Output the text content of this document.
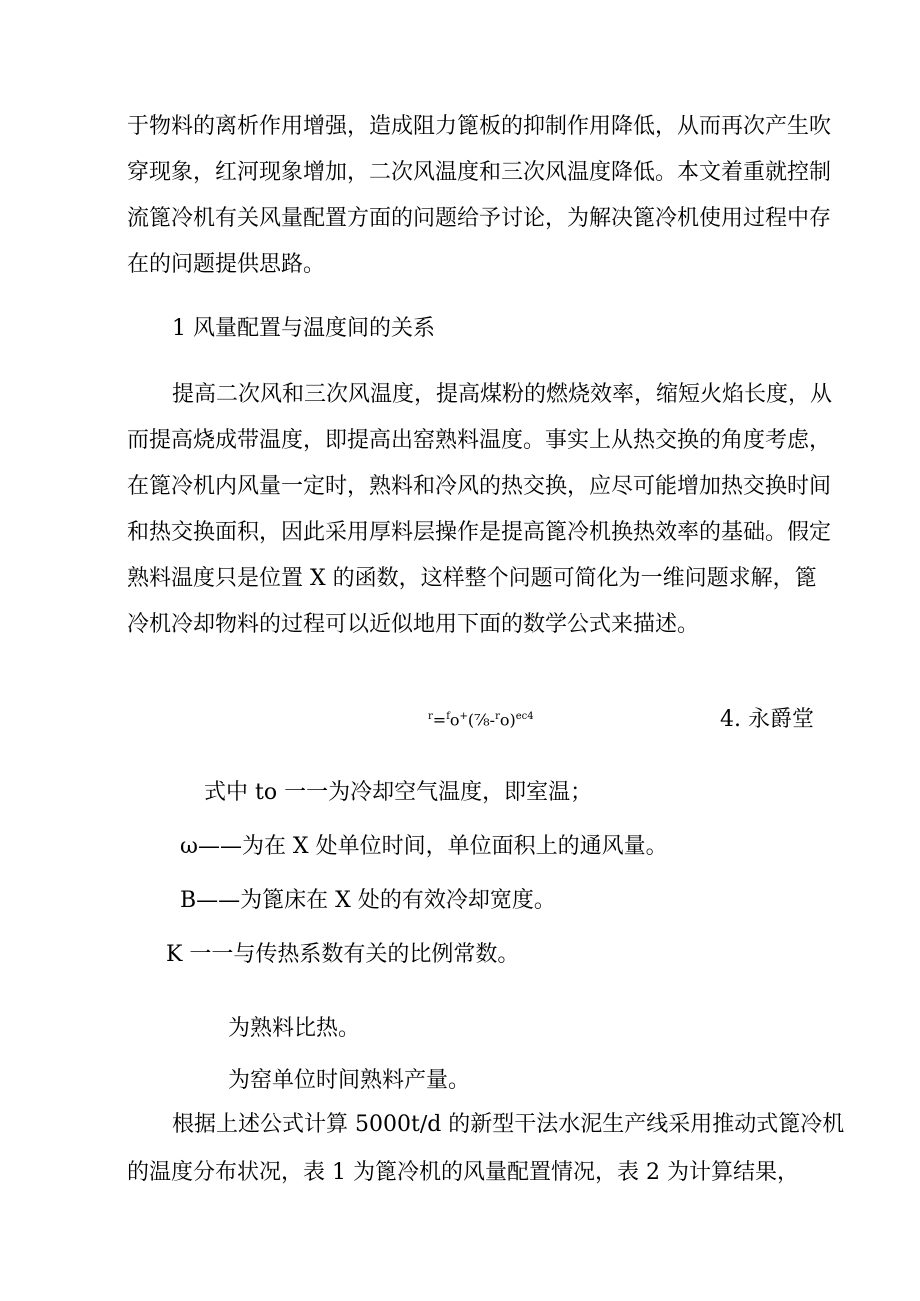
于物料的离析作用增强，造成阻力篦板的抑制作用降低，从而再次产生吹
穿现象，红河现象增加，二次风温度和三次风温度降低。本文着重就控制
流篦冷机有关风量配置方面的问题给予讨论，为解决篦冷机使用过程中存
在的问题提供思路。
1 风量配置与温度间的关系
提高二次风和三次风温度，提高煤粉的燃烧效率，缩短火焰长度，从
而提高烧成带温度，即提高出窑熟料温度。事实上从热交换的角度考虑，
在篦冷机内风量一定时，熟料和冷风的热交换，应尽可能增加热交换时间
和热交换面积，因此采用厚料层操作是提高篦冷机换热效率的基础。假定
熟料温度只是位置 X 的函数，这样整个问题可简化为一维问题求解，篦
冷机冷却物料的过程可以近似地用下面的数学公式来描述。
$^r$=$^f$o+(⅞-$^r$o)$^{ec4}$	4. 永爵堂
式中 to 一一为冷却空气温度，即室温；
ω——为在 X 处单位时间，单位面积上的通风量。
B——为篦床在 X 处的有效冷却宽度。
K 一一与传热系数有关的比例常数。
为熟料比热。
为窑单位时间熟料产量。
根据上述公式计算 5000t∕d 的新型干法水泥生产线采用推动式篦冷机
的温度分布状况，表 1 为篦冷机的风量配置情况，表 2 为计算结果，
